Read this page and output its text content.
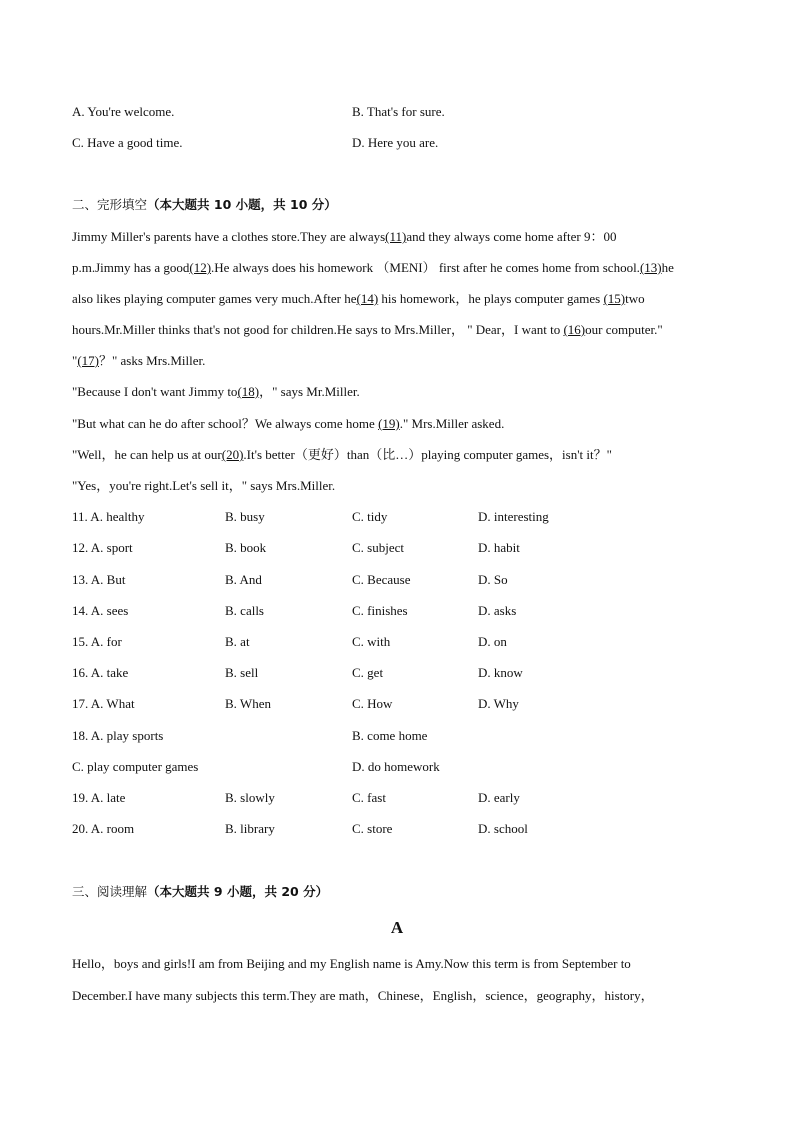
A. You're welcome.	B. That's for sure.
C. Have a good time.	D. Here you are.
二、完形填空（本大题共 10 小题，共 10 分）
Jimmy Miller's parents have a clothes store.They are always(11)and they always come home after 9：00
p.m.Jimmy has a good(12).He always does his homework （MENI） first after he comes home from school.(13)he
also likes playing computer games very much.After he(14) his homework，he plays computer games (15)two
hours.Mr.Miller thinks that's not good for children.He says to Mrs.Miller， " Dear，I want to (16)our computer."
"(17)？" asks Mrs.Miller.
"Because I don't want Jimmy to(18)，" says Mr.Miller.
"But what can he do after school？We always come home (19)." Mrs.Miller asked.
"Well，he can help us at our(20).It's better（更好）than（比…）playing computer games，isn't it？"
"Yes，you're right.Let's sell it，" says Mrs.Miller.
11. A. healthy	B. busy	C. tidy	D. interesting
12. A. sport	B. book	C. subject	D. habit
13. A. But	B. And	C. Because	D. So
14. A. sees	B. calls	C. finishes	D. asks
15. A. for	B. at	C. with	D. on
16. A. take	B. sell	C. get	D. know
17. A. What	B. When	C. How	D. Why
18. A. play sports	B. come home
C. play computer games	D. do homework
19. A. late	B. slowly	C. fast	D. early
20. A. room	B. library	C. store	D. school
三、阅读理解（本大题共 9 小题，共 20 分）
A
Hello，boys and girls!I am from Beijing and my English name is Amy.Now this term is from September to
December.I have many subjects this term.They are math，Chinese，English，science，geography，history，
